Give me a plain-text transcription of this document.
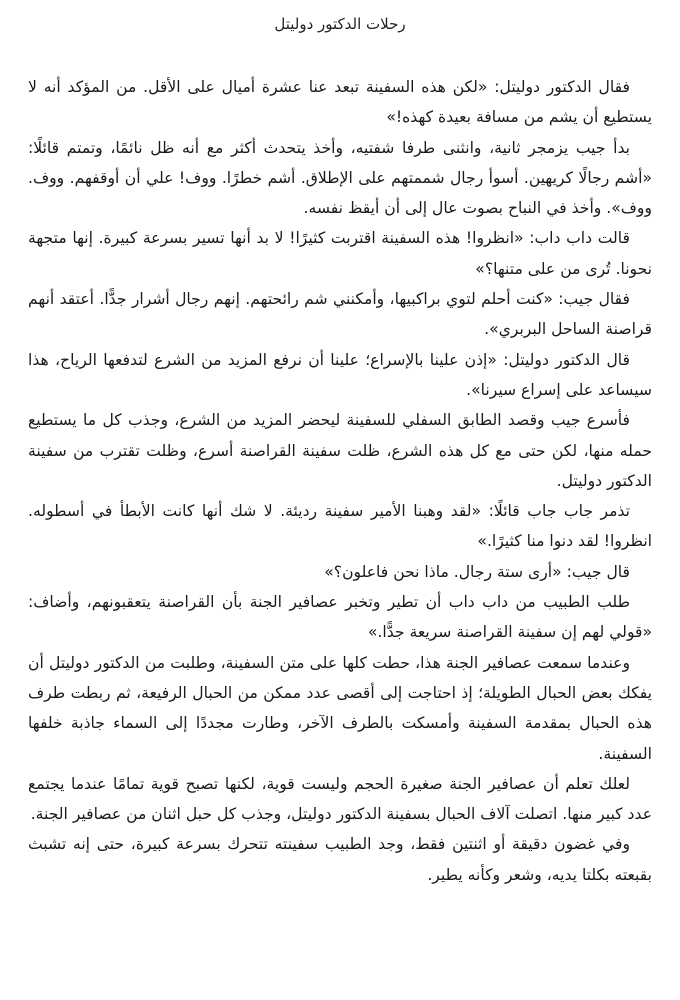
رحلات الدكتور دوليتل

فقال الدكتور دوليتل: «لكن هذه السفينة تبعد عنا عشرة أميال على الأقل. من المؤكد أنه لا يستطيع أن يشم من مسافة بعيدة كهذه!»

بدأ جيب يزمجر ثانية، وانثنى طرفا شفتيه، وأخذ يتحدث أكثر مع أنه ظل نائمًا، وتمتم قائلًا: «أشم رجالًا كريهين. أسوأ رجال شممتهم على الإطلاق. أشم خطرًا. ووف! علي أن أوقفهم. ووف. ووف». وأخذ في النباح بصوت عال إلى أن أيقظ نفسه.

قالت داب داب: «انظروا! هذه السفينة اقتربت كثيرًا! لا بد أنها تسير بسرعة كبيرة. إنها متجهة نحونا. تُرى من على متنها؟»

فقال جيب: «كنت أحلم لتوي براكبيها، وأمكنني شم رائحتهم. إنهم رجال أشرار جدًّا. أعتقد أنهم قراصنة الساحل البربري».

قال الدكتور دوليتل: «إذن علينا بالإسراع؛ علينا أن نرفع المزيد من الشرع لتدفعها الرياح، هذا سيساعد على إسراع سيرنا».

فأسرع جيب وقصد الطابق السفلي للسفينة ليحضر المزيد من الشرع، وجذب كل ما يستطيع حمله منها، لكن حتى مع كل هذه الشرع، ظلت سفينة القراصنة أسرع، وظلت تقترب من سفينة الدكتور دوليتل.

تذمر جاب جاب قائلًا: «لقد وهبنا الأمير سفينة رديئة. لا شك أنها كانت الأبطأ في أسطوله. انظروا! لقد دنوا منا كثيرًا.»

قال جيب: «أرى ستة رجال. ماذا نحن فاعلون؟»

طلب الطبيب من داب داب أن تطير وتخبر عصافير الجنة بأن القراصنة يتعقبونهم، وأضاف: «قولي لهم إن سفينة القراصنة سريعة جدًّا.»

وعندما سمعت عصافير الجنة هذا، حطت كلها على متن السفينة، وطلبت من الدكتور دوليتل أن يفكك بعض الحبال الطويلة؛ إذ احتاجت إلى أقصى عدد ممكن من الحبال الرفيعة، ثم ربطت طرف هذه الحبال بمقدمة السفينة وأمسكت بالطرف الآخر، وطارت مجددًا إلى السماء جاذبة خلفها السفينة.

لعلك تعلم أن عصافير الجنة صغيرة الحجم وليست قوية، لكنها تصبح قوية تمامًا عندما يجتمع عدد كبير منها. اتصلت آلاف الحبال بسفينة الدكتور دوليتل، وجذب كل حبل اثنان من عصافير الجنة.

وفي غضون دقيقة أو اثنتين فقط، وجد الطبيب سفينته تتحرك بسرعة كبيرة، حتى إنه تشبث بقبعته بكلتا يديه، وشعر وكأنه يطير.
